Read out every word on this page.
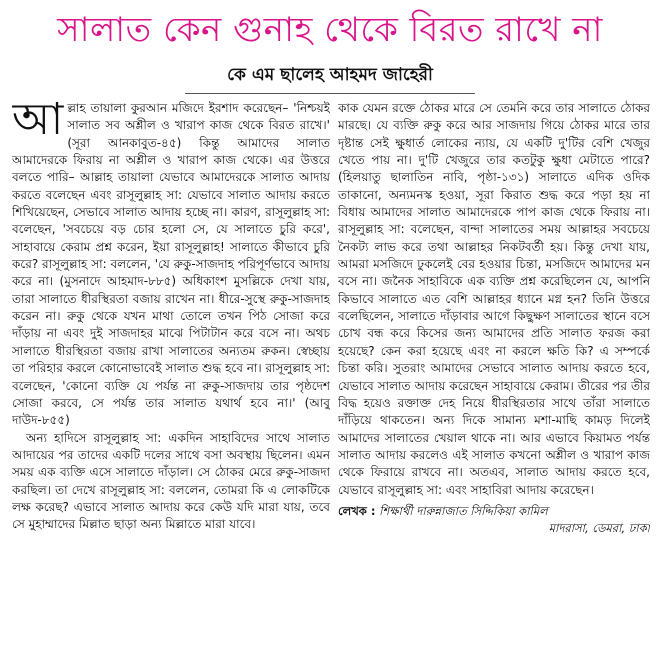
সালাত কেন গুনাহ থেকে বিরত রাখে না
কে এম ছালেহ আহমদ জাহেরী

আল্লাহ তায়ালা কুরআন মজিদে ইরশাদ করেছেন– 'নিশ্চয়ই সালাত সব অশ্লীল ও খারাপ কাজ থেকে বিরত রাখে।' (সূরা আনকাবুত-৪৫) কিন্তু আমাদের সালাত আমাদেরকে ফিরায় না অশ্লীল ও খারাপ কাজ থেকে। এর উত্তরে বলতে পারি– আল্লাহ তায়ালা যেভাবে আমাদেরকে সালাত আদায় করতে বলেছেন এবং রাসূলুল্লাহ সা: যেভাবে সালাত আদায় করতে শিখিয়েছেন, সেভাবে সালাত আদায় হচ্ছে না। কারণ, রাসূলুল্লাহ সা: বলেছেন, 'সবচেয়ে বড় চোর হলো সে, যে সালাতে চুরি করে', সাহাবায়ে কেরাম প্রশ্ন করেন, ইয়া রাসূলুল্লাহ! সালাতে কীভাবে চুরি করে? রাসূলুল্লাহ সা: বললেন, 'যে রুকু-সাজদাহ পরিপূর্ণভাবে আদায় করে না। (মুসনাদে আহমাদ-৮৮৫) অধিকাংশ মুসল্লিকে দেখা যায়, তারা সালাতে ধীরস্থিরতা বজায় রাখেন না। ধীরে-সুস্থে রুকু-সাজদাহ করেন না। রুকু থেকে যখন মাথা তোলে তখন পিঠ সোজা করে দাঁড়ায় না এবং দুই সাজদাহর মাঝে পিটাটান করে বসে না। অথচ সালাতে ধীরস্থিরতা বজায় রাখা সালাতের অন্যতম রুকন। স্বেচ্ছায় তা পরিহার করলে কোনোভাবেই সালাত শুদ্ধ হবে না। রাসূলুল্লাহ সা: বলেছেন, 'কোনো ব্যক্তি যে পর্যন্ত না রুকু-সাজদায় তার পৃষ্ঠদেশ সোজা করবে, সে পর্যন্ত তার সালাত যথার্থ হবে না।' (আবু দাউদ-৮৫৫)

অন্য হাদিসে রাসূলুল্লাহ সা: একদিন সাহাবিদের সাথে সালাত আদায়ের পর তাদের একটি দলের সাথে বসা অবস্থায় ছিলেন। এমন সময় এক ব্যক্তি এসে সালাতে দাঁড়াল। সে ঠোকর মেরে রুকু-সাজদা করছিল। তা দেখে রাসূলুল্লাহ সা: বললেন, তোমরা কি এ লোকটিকে লক্ষ করেছ? এভাবে সালাত আদায় করে কেউ যদি মারা যায়, তবে সে মুহাম্মাদের মিল্লাত ছাড়া অন্য মিল্লাতে মারা যাবে।

কাক যেমন রক্তে ঠোকর মারে সে তেমনি করে তার সালাতে ঠোকর মারছে। যে ব্যক্তি রুকু করে আর সাজদায় গিয়ে ঠোকর মারে তার দৃষ্টান্ত সেই ক্ষুধার্ত লোকের ন্যায়, যে একটি দু'টির বেশি খেজুর খেতে পায় না। দু'টি খেজুরে তার কতটুকু ক্ষুধা মেটাতে পারে? (হিলয়াতু ছালাতিন নাবি, পৃষ্ঠা-১৩১) সালাতে এদিক ওদিক তাকানো, অন্যমনস্ক হওয়া, সূরা কিরাত শুদ্ধ করে পড়া হয় না বিধায় আমাদের সালাত আমাদেরকে পাপ কাজ থেকে ফিরায় না। রাসূলুল্লাহ সা: বলেছেন, বান্দা সালাতের সময় আল্লাহর সবচেয়ে নৈকট্য লাভ করে তথা আল্লাহর নিকটবর্তী হয়। কিন্তু দেখা যায়, আমরা মসজিদে ঢুকলেই বের হওয়ার চিন্তা, মসজিদে আমাদের মন বসে না। জনৈক সাহাবিকে এক ব্যক্তি প্রশ্ন করেছিলেন যে, আপনি কিভাবে সালাতে এত বেশি আল্লাহর ধ্যানে মগ্ন হন? তিনি উত্তরে বলেছিলেন, সালাতে দাঁড়াবার আগে কিছুক্ষণ সালাতের স্থানে বসে চোখ বন্ধ করে কিসের জন্য আমাদের প্রতি সালাত ফরজ করা হয়েছে? কেন করা হয়েছে এবং না করলে ক্ষতি কি? এ সম্পর্কে চিন্তা করি। সুতরাং আমাদের সেভাবে সালাত আদায় করতে হবে, যেভাবে সালাত আদায় করেছেন সাহাবায়ে কেরাম। তীরের পর তীর বিদ্ধ হয়েও রক্তাক্ত দেহ নিয়ে ধীরস্থিরতার সাথে তাঁরা সালাতে দাঁড়িয়ে থাকতেন। অন্য দিকে সামান্য মশা-মাছি কামড় দিলেই আমাদের সালাতের খেয়াল থাকে না। আর এভাবে কিয়ামত পর্যন্ত সালাত আদায় করলেও এই সালাত কখনো অশ্লীল ও খারাপ কাজ থেকে ফিরায়ে রাখবে না। অতএব, সালাত আদায় করতে হবে, যেভাবে রাসূলুল্লাহ সা: এবং সাহাবিরা আদায় করেছেন।

লেখক : শিক্ষার্থী দারুন্নাজাত সিদ্দিকিয়া কামিল
মাদরাসা, ডেমরা, ঢাকা
